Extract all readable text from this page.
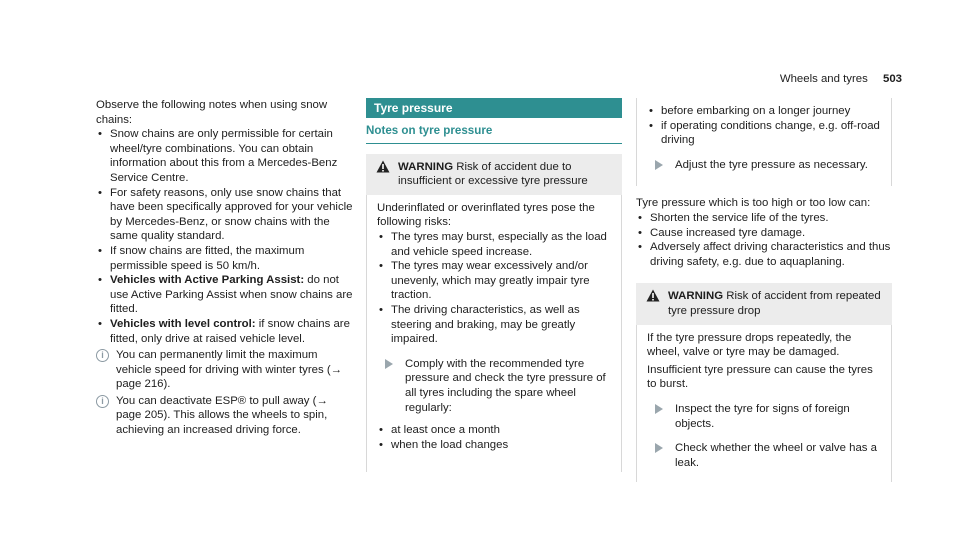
Wheels and tyres 503

Observe the following notes when using snow chains:

• Snow chains are only permissible for certain wheel/tyre combinations. You can obtain information about this from a Mercedes-Benz Service Centre.
• For safety reasons, only use snow chains that have been specifically approved for your vehicle by Mercedes-Benz, or snow chains with the same quality standard.
• If snow chains are fitted, the maximum permissible speed is 50 km/h.
• Vehicles with Active Parking Assist: do not use Active Parking Assist when snow chains are fitted.
• Vehicles with level control: if snow chains are fitted, only drive at raised vehicle level.
i	You can permanently limit the maximum vehicle speed for driving with winter tyres (→ page 216).
i	You can deactivate ESP® to pull away (→ page 205). This allows the wheels to spin, achieving an increased driving force.
Tyre pressure
Notes on tyre pressure
WARNING Risk of accident due to insufficient or excessive tyre pressure

Underinflated or overinflated tyres pose the following risks:

• The tyres may burst, especially as the load and vehicle speed increase.
• The tyres may wear excessively and/or unevenly, which may greatly impair tyre traction.
• The driving characteristics, as well as steering and braking, may be greatly impaired.
Comply with the recommended tyre pressure and check the tyre pressure of all tyres including the spare wheel regularly:
• at least once a month
• when the load changes
• before embarking on a longer journey
• if operating conditions change, e.g. off-road driving
Adjust the tyre pressure as necessary.

Tyre pressure which is too high or too low can:

• Shorten the service life of the tyres.
• Cause increased tyre damage.
• Adversely affect driving characteristics and thus driving safety, e.g. due to aquaplaning.
WARNING Risk of accident from repeated tyre pressure drop

If the tyre pressure drops repeatedly, the wheel, valve or tyre may be damaged.

Insufficient tyre pressure can cause the tyres to burst.

Inspect the tyre for signs of foreign objects.
Check whether the wheel or valve has a leak.
